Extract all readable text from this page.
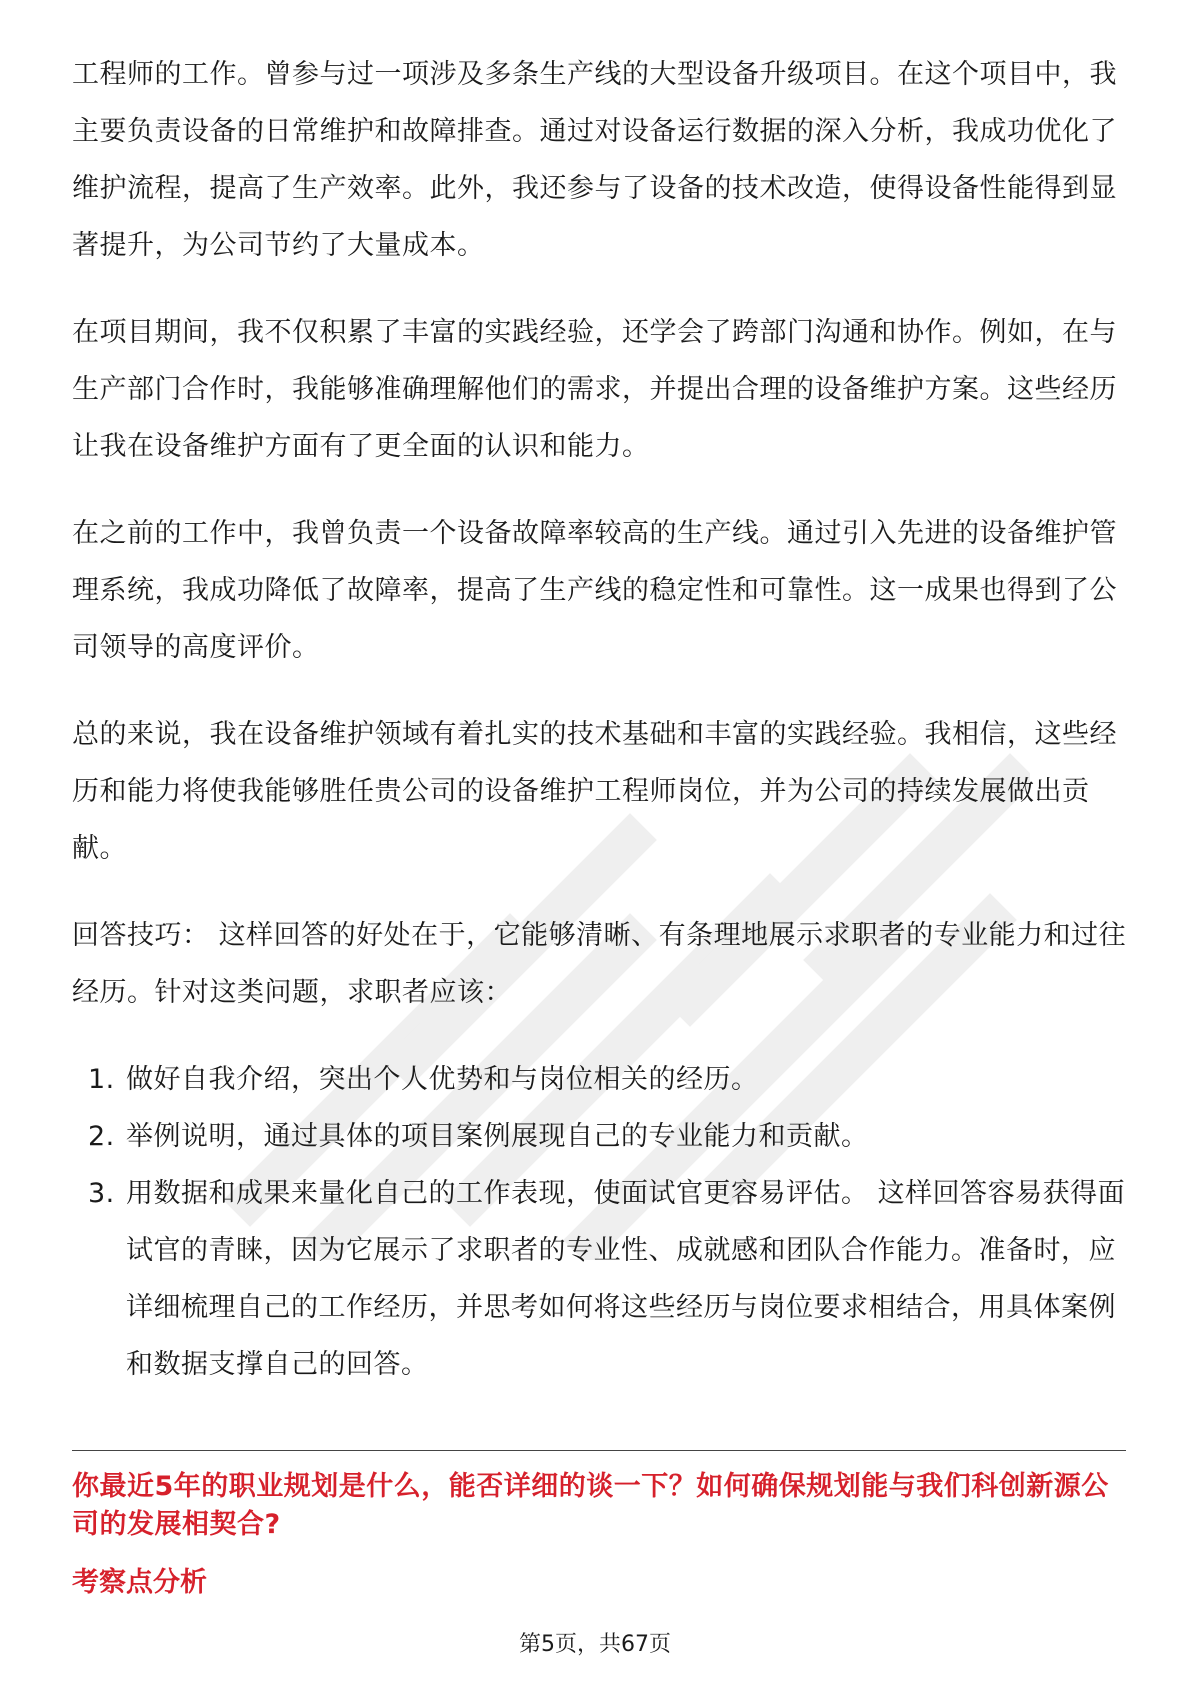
工程师的工作。曾参与过一项涉及多条生产线的大型设备升级项目。在这个项目中，我主要负责设备的日常维护和故障排查。通过对设备运行数据的深入分析，我成功优化了维护流程，提高了生产效率。此外，我还参与了设备的技术改造，使得设备性能得到显著提升，为公司节约了大量成本。

在项目期间，我不仅积累了丰富的实践经验，还学会了跨部门沟通和协作。例如，在与生产部门合作时，我能够准确理解他们的需求，并提出合理的设备维护方案。这些经历让我在设备维护方面有了更全面的认识和能力。

在之前的工作中，我曾负责一个设备故障率较高的生产线。通过引入先进的设备维护管理系统，我成功降低了故障率，提高了生产线的稳定性和可靠性。这一成果也得到了公司领导的高度评价。

总的来说，我在设备维护领域有着扎实的技术基础和丰富的实践经验。我相信，这些经历和能力将使我能够胜任贵公司的设备维护工程师岗位，并为公司的持续发展做出贡献。

回答技巧： 这样回答的好处在于，它能够清晰、有条理地展示求职者的专业能力和过往经历。针对这类问题，求职者应该：

1. 做好自我介绍，突出个人优势和与岗位相关的经历。
2. 举例说明，通过具体的项目案例展现自己的专业能力和贡献。
3. 用数据和成果来量化自己的工作表现，使面试官更容易评估。 这样回答容易获得面试官的青睐，因为它展示了求职者的专业性、成就感和团队合作能力。准备时，应详细梳理自己的工作经历，并思考如何将这些经历与岗位要求相结合，用具体案例和数据支撑自己的回答。

你最近5年的职业规划是什么，能否详细的谈一下？如何确保规划能与我们科创新源公司的发展相契合?

考察点分析

第5页，共67页
